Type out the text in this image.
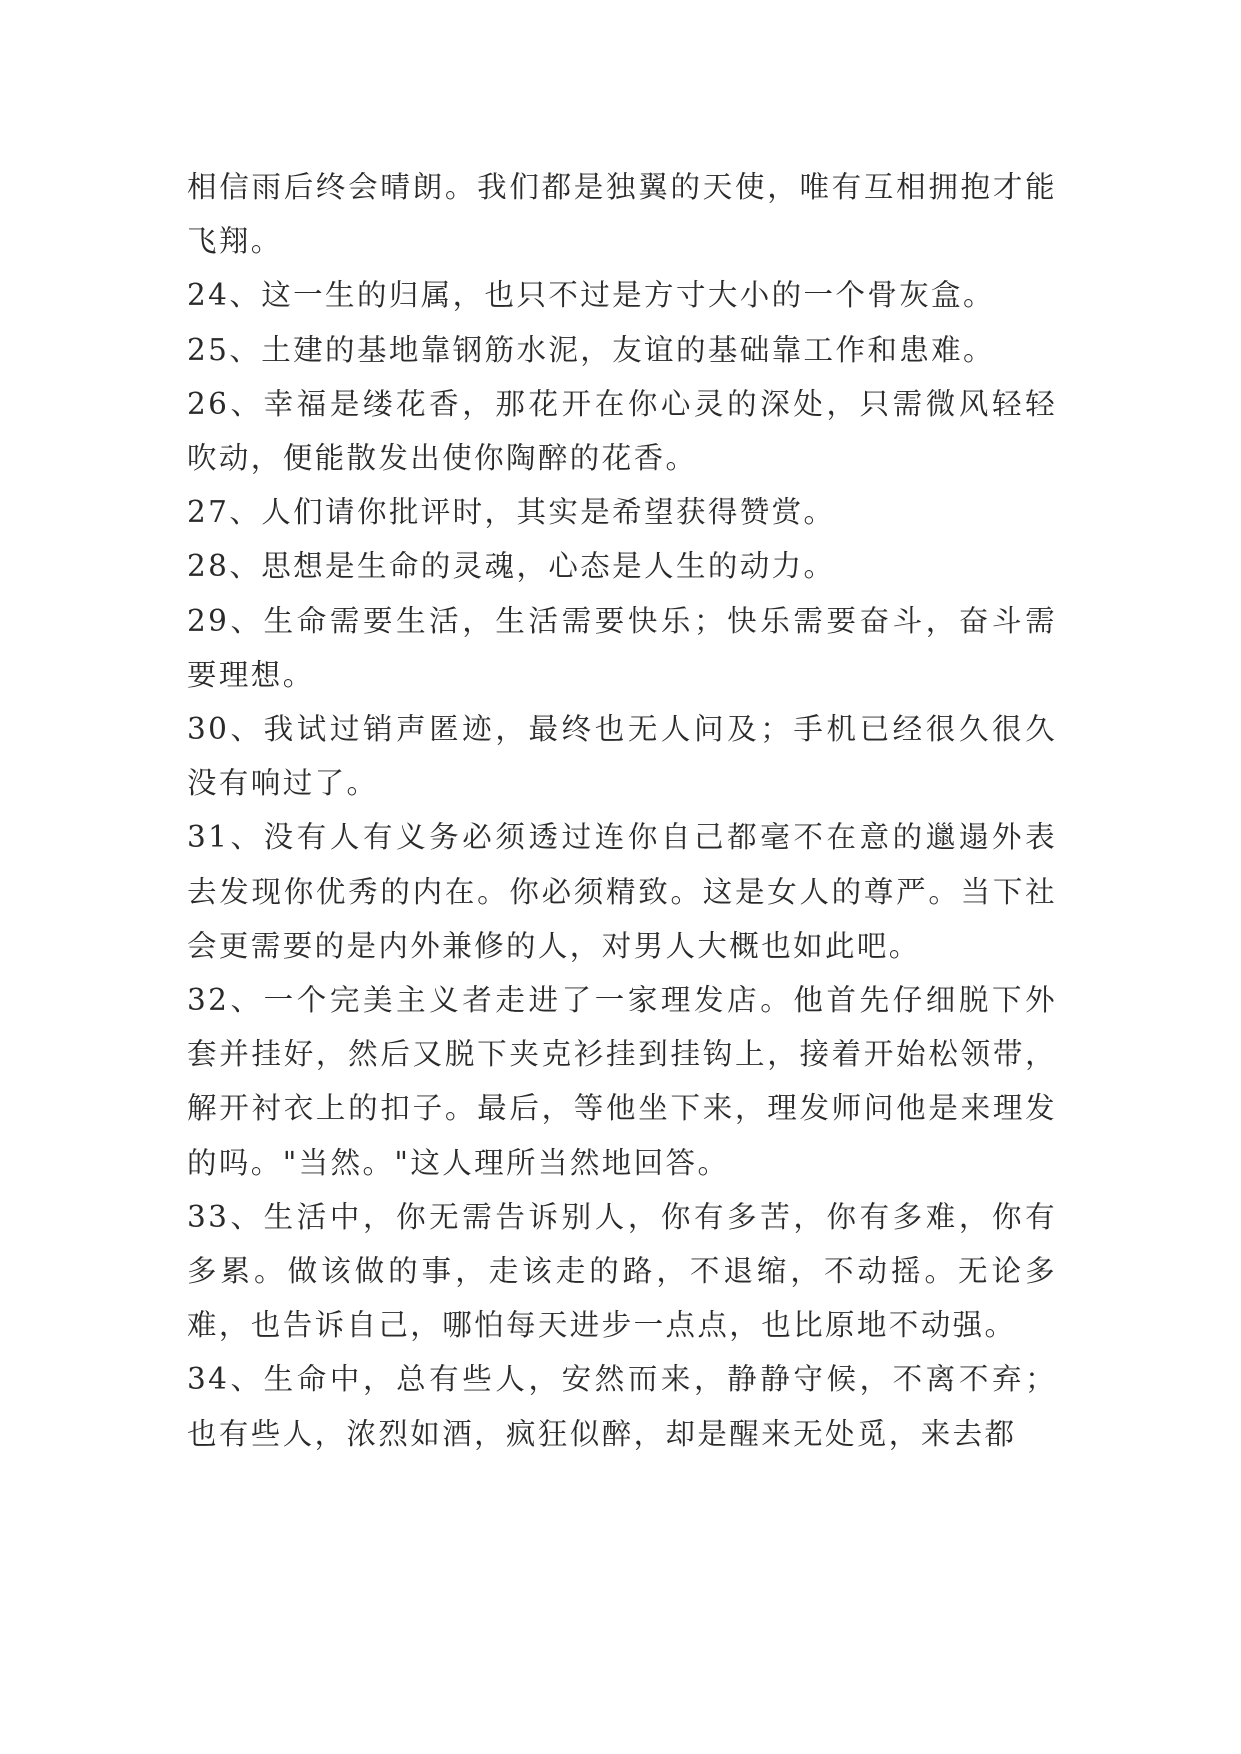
相信雨后终会晴朗。我们都是独翼的天使，唯有互相拥抱才能飞翔。

24、这一生的归属，也只不过是方寸大小的一个骨灰盒。

25、土建的基地靠钢筋水泥，友谊的基础靠工作和患难。

26、幸福是缕花香，那花开在你心灵的深处，只需微风轻轻吹动，便能散发出使你陶醉的花香。

27、人们请你批评时，其实是希望获得赞赏。

28、思想是生命的灵魂，心态是人生的动力。

29、生命需要生活，生活需要快乐；快乐需要奋斗，奋斗需要理想。

30、我试过销声匿迹，最终也无人问及；手机已经很久很久没有响过了。

31、没有人有义务必须透过连你自己都毫不在意的邋遢外表去发现你优秀的内在。你必须精致。这是女人的尊严。当下社会更需要的是内外兼修的人，对男人大概也如此吧。

32、一个完美主义者走进了一家理发店。他首先仔细脱下外套并挂好，然后又脱下夹克衫挂到挂钩上，接着开始松领带，解开衬衣上的扣子。最后，等他坐下来，理发师问他是来理发的吗。"当然。"这人理所当然地回答。

33、生活中，你无需告诉别人，你有多苦，你有多难，你有多累。做该做的事，走该走的路，不退缩，不动摇。无论多难，也告诉自己，哪怕每天进步一点点，也比原地不动强。

34、生命中，总有些人，安然而来，静静守候，不离不弃；也有些人，浓烈如酒，疯狂似醉，却是醒来无处觅，来去都
